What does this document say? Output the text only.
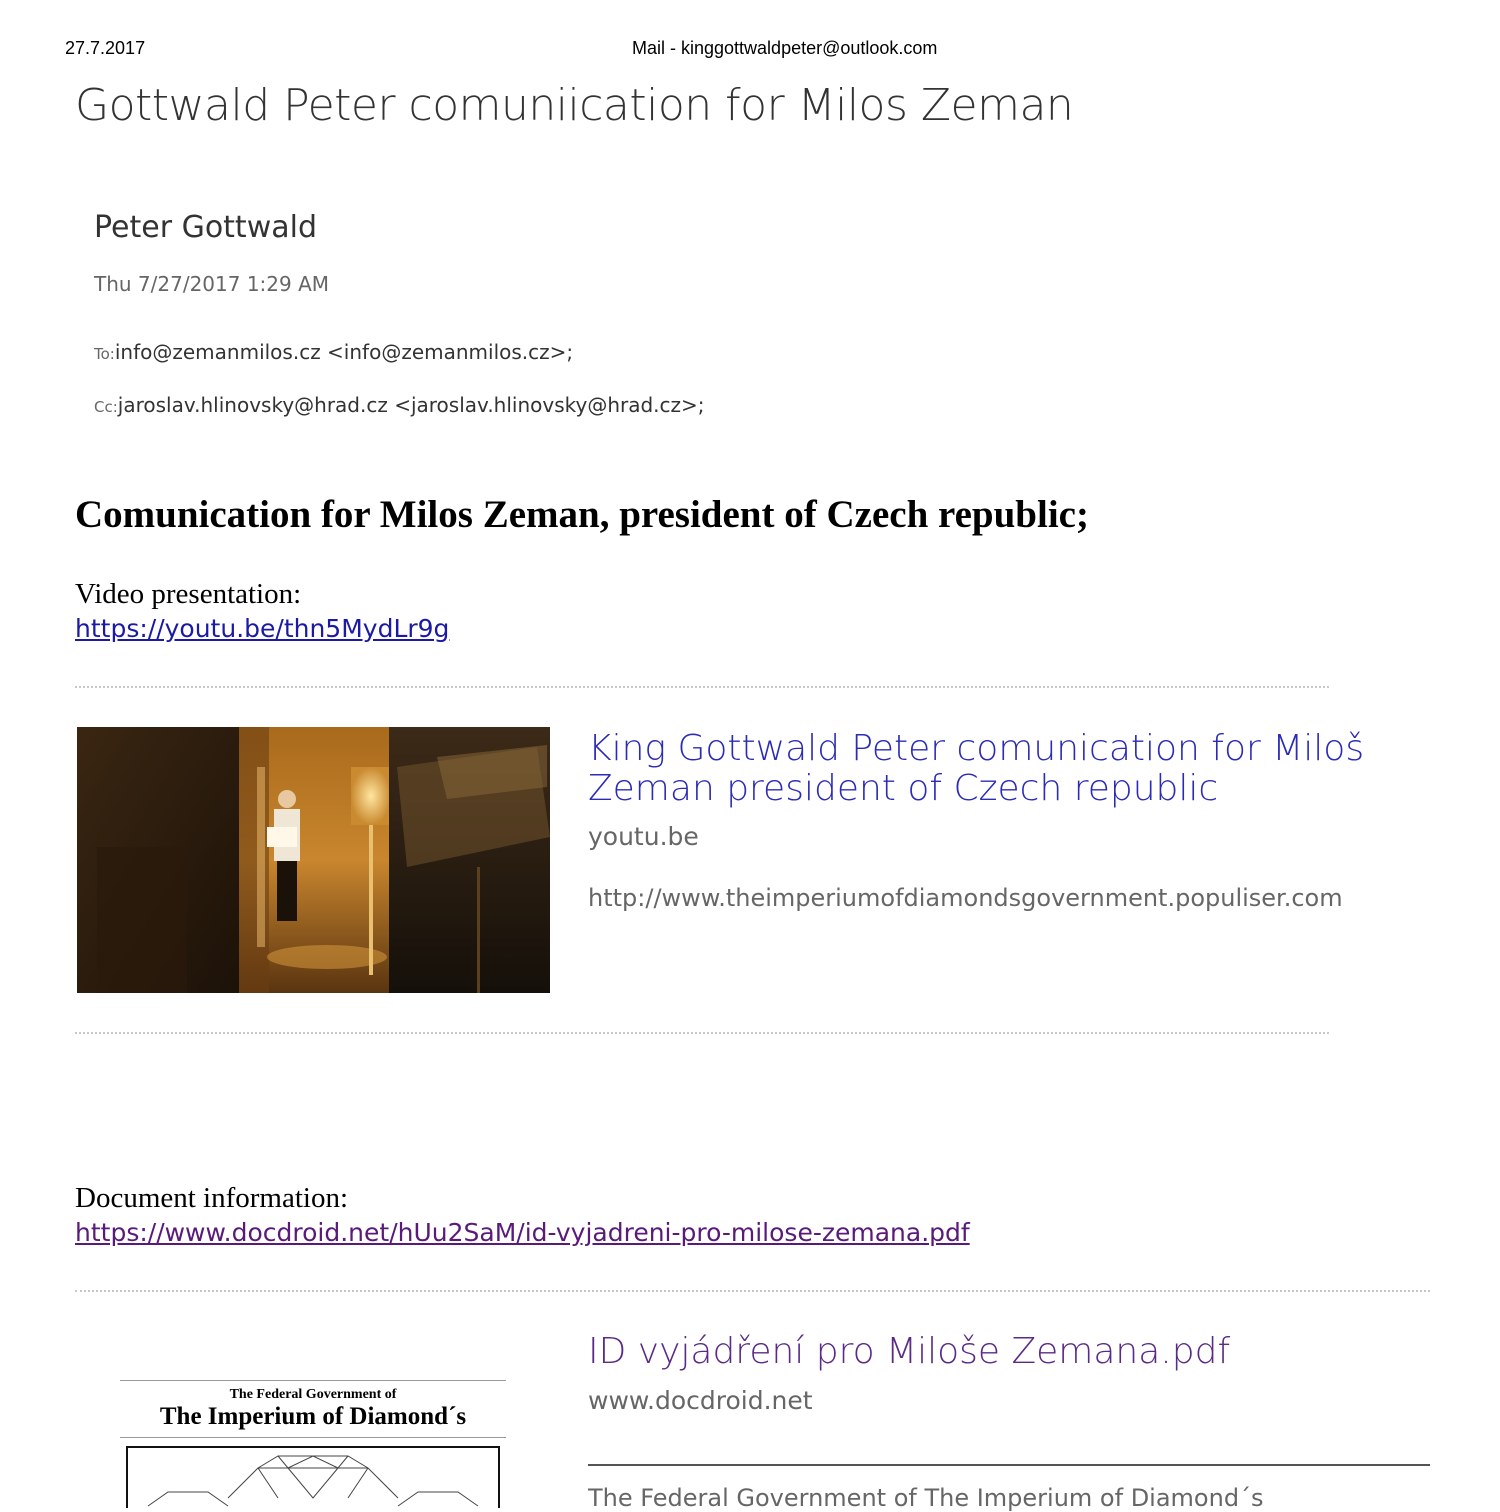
27.7.2017	Mail - kinggottwaldpeter@outlook.com
Gottwald Peter comuniication for Milos Zeman
Peter Gottwald
Thu 7/27/2017 1:29 AM
To:info@zemanmilos.cz <info@zemanmilos.cz>;
Cc:jaroslav.hlinovsky@hrad.cz <jaroslav.hlinovsky@hrad.cz>;
Comunication for Milos Zeman, president of Czech republic;
Video presentation:
https://youtu.be/thn5MydLr9g
King Gottwald Peter comunication for Miloš
Zeman president of Czech republic
youtu.be
http://www.theimperiumofdiamondsgovernment.populiser.com
Document information:
https://www.docdroid.net/hUu2SaM/id-vyjadreni-pro-milose-zemana.pdf
The Federal Government of
The Imperium of Diamond´s
ID vyjádření pro Miloše Zemana.pdf
www.docdroid.net
The Federal Government of The Imperium of Diamond´s
